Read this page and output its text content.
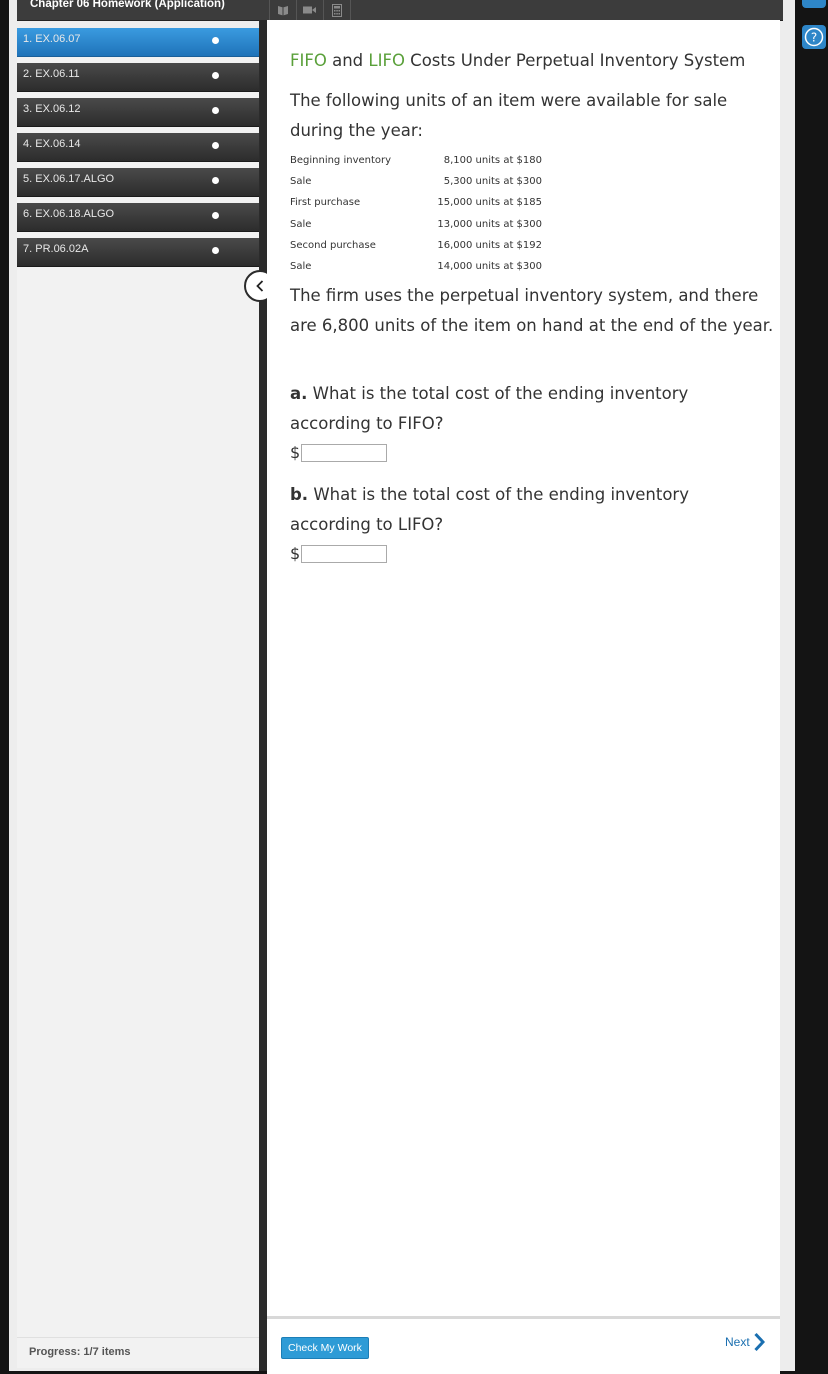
Chapter 06 Homework (Application)
?
1. EX.06.07
2. EX.06.11
3. EX.06.12
4. EX.06.14
5. EX.06.17.ALGO
6. EX.06.18.ALGO
7. PR.06.02A
Progress: 1/7 items
FIFO and LIFO Costs Under Perpetual Inventory System

The following units of an item were available for sale during the year:

Beginning inventory	8,100 units at $180
Sale	5,300 units at $300
First purchase	15,000 units at $185
Sale	13,000 units at $300
Second purchase	16,000 units at $192
Sale	14,000 units at $300

The firm uses the perpetual inventory system, and there are 6,800 units of the item on hand at the end of the year.

a. What is the total cost of the ending inventory according to FIFO?

$

b. What is the total cost of the ending inventory according to LIFO?

$
Check My Work	Next
